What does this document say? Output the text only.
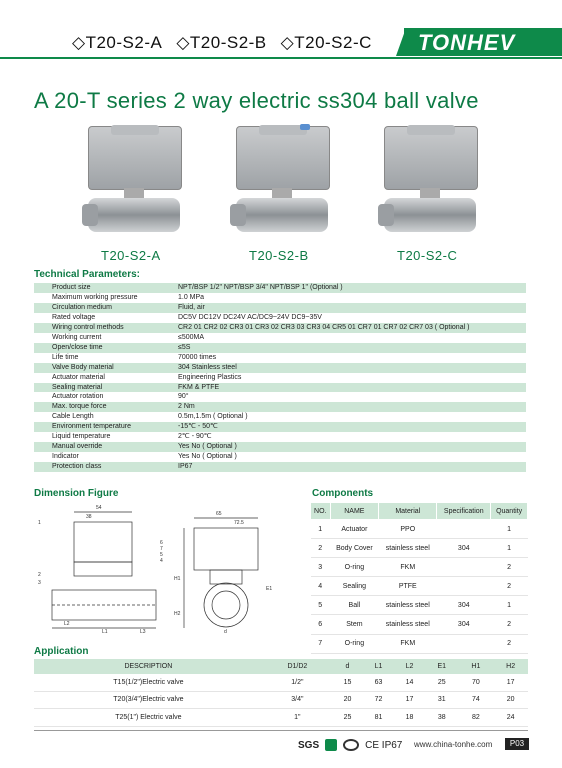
◇T20-S2-A ◇T20-S2-B ◇T20-S2-C TONHEV
A 20-T series 2 way electric ss304 ball valve
T20-S2-A	T20-S2-B	T20-S2-C
Technical Parameters:
Product size	NPT/BSP 1/2" NPT/BSP 3/4" NPT/BSP 1" (Optional )
Maximum working pressure	1.0 MPa
Circulation medium	Fluid, air
Rated voltage	DC5V DC12V DC24V AC/DC9~24V DC9~35V
Wiring control methods	CR2 01 CR2 02 CR3 01 CR3 02 CR3 03 CR3 04 CR5 01 CR7 01 CR7 02 CR7 03 ( Optional )
Working current	≤500MA
Open/close time	≤5S
Life time	70000 times
Valve Body material	304 Stainless steel
Actuator material	Engineering Plastics
Sealing material	FKM & PTFE
Actuator rotation	90°
Max. torque force	2 Nm
Cable Length	0.5m,1.5m ( Optional )
Environment temperature	-15℃ - 50℃
Liquid temperature	2℃ - 90℃
Manual override	Yes No ( Optional )
Indicator	Yes No ( Optional )
Protection class	IP67
Dimension Figure
54
38	65
72.5
1
2
3
4
5
6
7
L1
L2
L3
E1
H1
H2
d
Components
NO.	NAME	Material	Specification	Quantity
1	Actuator	PPO		1
2	Body Cover	stainless steel	304	1
3	O-ring	FKM		2
4	Sealing	PTFE		2
5	Ball	stainless steel	304	1
6	Stem	stainless steel	304	2
7	O-ring	FKM		2
Application
DESCRIPTION	D1/D2	d	L1	L2	E1	H1	H2
T15(1/2")Electric valve	1/2"	15	63	14	25	70	17
T20(3/4")Electric valve	3/4"	20	72	17	31	74	20
T25(1") Electric valve	1"	25	81	18	38	82	24
SGS	CE IP67 www.china-tonhe.com	P03
